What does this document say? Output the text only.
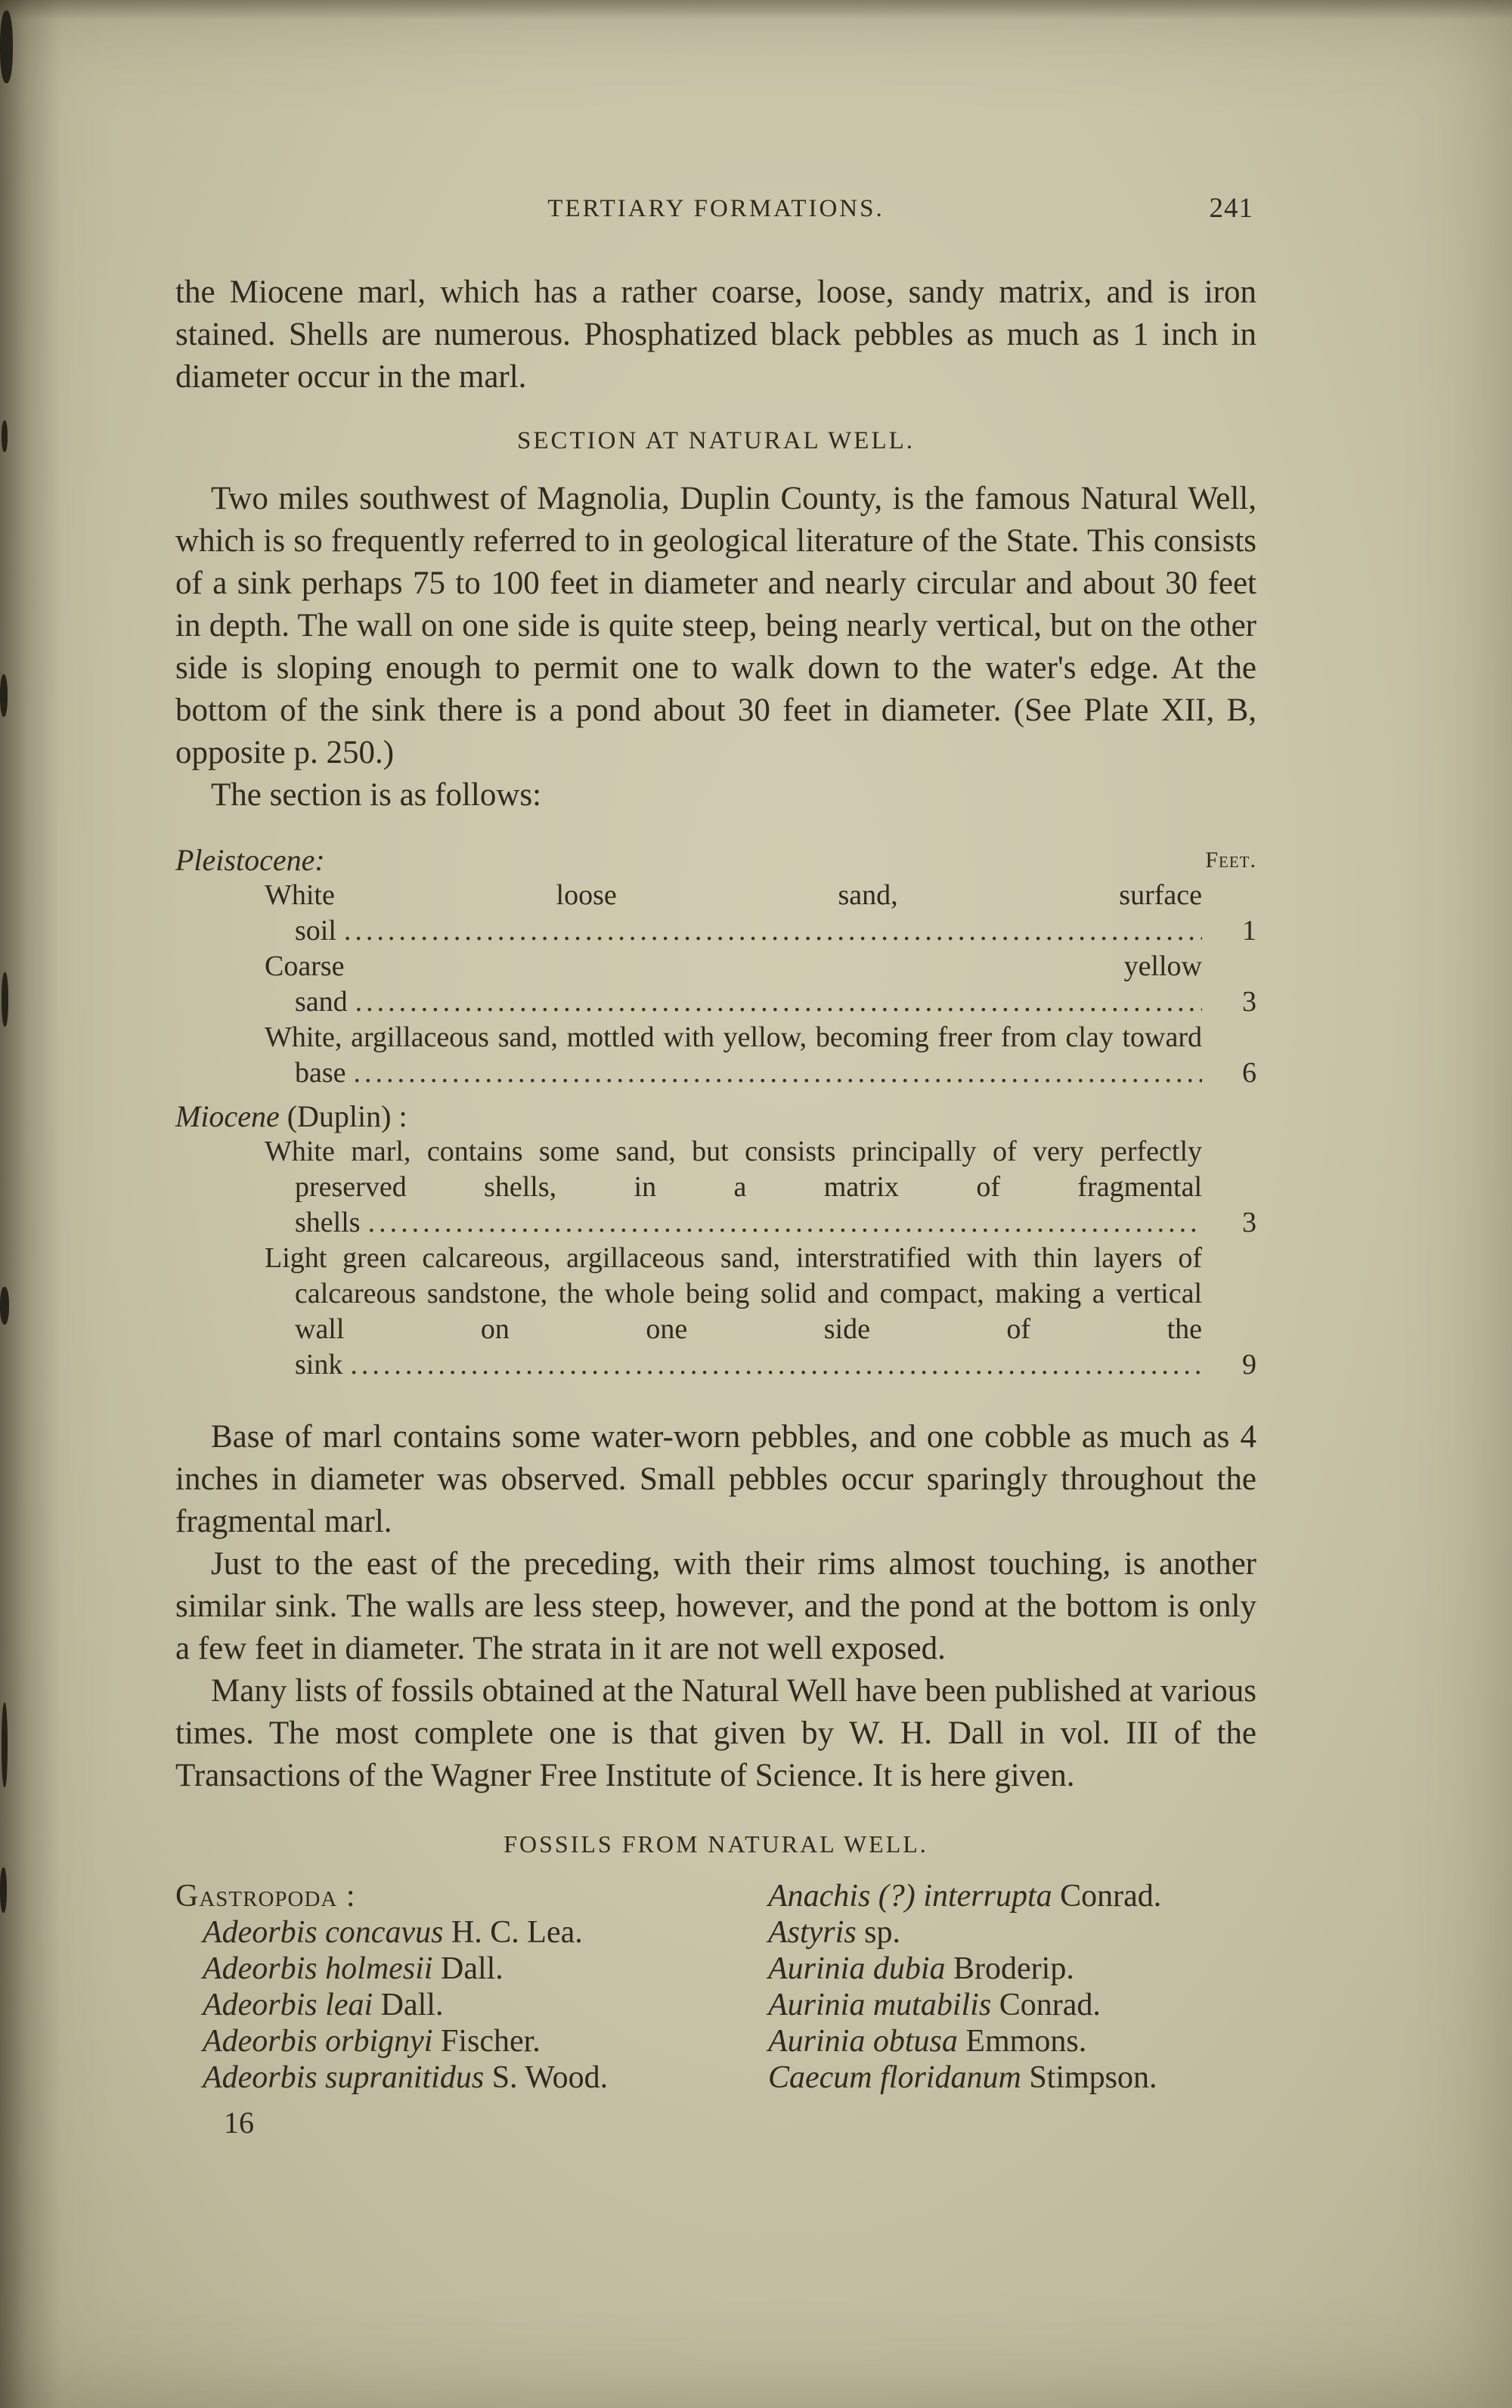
TERTIARY FORMATIONS.	241

the Miocene marl, which has a rather coarse, loose, sandy matrix, and is iron stained. Shells are numerous. Phosphatized black pebbles as much as 1 inch in diameter occur in the marl.

SECTION AT NATURAL WELL.

Two miles southwest of Magnolia, Duplin County, is the famous Natural Well, which is so frequently referred to in geological literature of the State. This consists of a sink perhaps 75 to 100 feet in diameter and nearly circular and about 30 feet in depth. The wall on one side is quite steep, being nearly vertical, but on the other side is sloping enough to permit one to walk down to the water's edge. At the bottom of the sink there is a pond about 30 feet in diameter. (See Plate XII, B, opposite p. 250.)

The section is as follows:

Pleistocene:	Feet.
White loose sand, surface soil .....	1
Coarse yellow sand .....	3
White, argillaceous sand, mottled with yellow, becoming freer from clay toward base .....	6
Miocene (Duplin) :
White marl, contains some sand, but consists principally of very perfectly preserved shells, in a matrix of fragmental shells .....	3
Light green calcareous, argillaceous sand, interstratified with thin layers of calcareous sandstone, the whole being solid and compact, making a vertical wall on one side of the sink .....	9

Base of marl contains some water-worn pebbles, and one cobble as much as 4 inches in diameter was observed. Small pebbles occur sparingly throughout the fragmental marl.

Just to the east of the preceding, with their rims almost touching, is another similar sink. The walls are less steep, however, and the pond at the bottom is only a few feet in diameter. The strata in it are not well exposed.

Many lists of fossils obtained at the Natural Well have been published at various times. The most complete one is that given by W. H. Dall in vol. III of the Transactions of the Wagner Free Institute of Science. It is here given.

FOSSILS FROM NATURAL WELL.
Gastropoda :
Adeorbis concavus H. C. Lea.
Adeorbis holmesii Dall.
Adeorbis leai Dall.
Adeorbis orbignyi Fischer.
Adeorbis supranitidus S. Wood.
Anachis (?) interrupta Conrad.
Astyris sp.
Aurinia dubia Broderip.
Aurinia mutabilis Conrad.
Aurinia obtusa Emmons.
Caecum floridanum Stimpson.
16
